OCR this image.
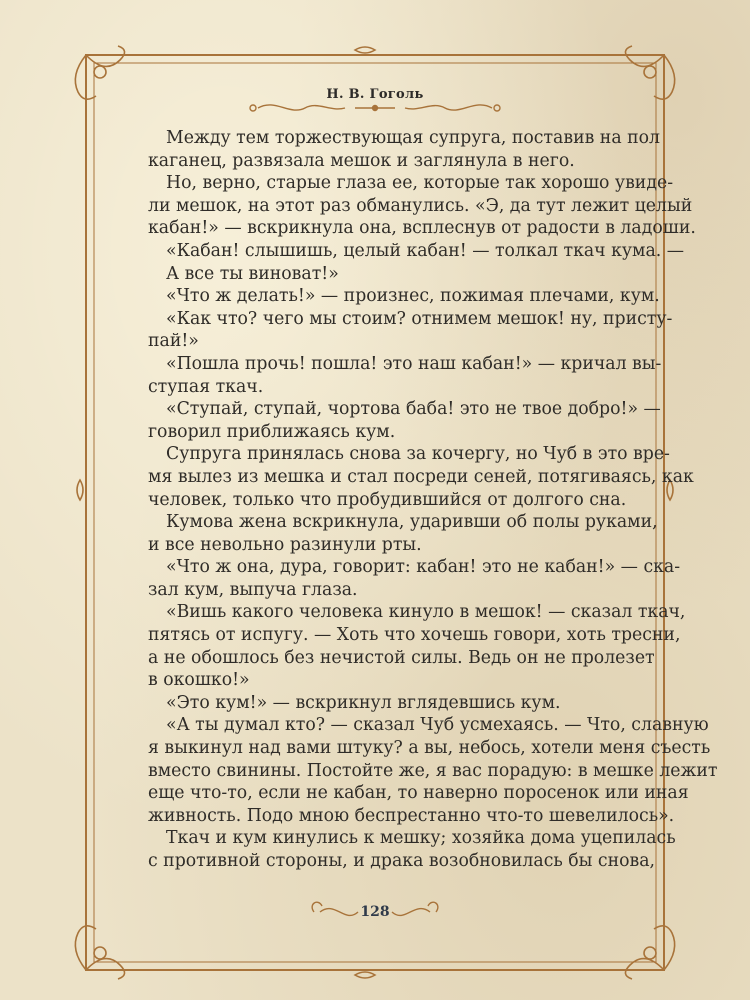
Н. В. Гоголь
Между тем торжествующая супруга, поставив на пол
каганец, развязала мешок и заглянула в него.
Но, верно, старые глаза ее, которые так хорошо увиде-
ли мешок, на этот раз обманулись. «Э, да тут лежит целый
кабан!» — вскрикнула она, всплеснув от радости в ладоши.
«Кабан! слышишь, целый кабан! — толкал ткач кума. —
А все ты виноват!»
«Что ж делать!» — произнес, пожимая плечами, кум.
«Как что? чего мы стоим? отнимем мешок! ну, присту-
пай!»
«Пошла прочь! пошла! это наш кабан!» — кричал вы-
ступая ткач.
«Ступай, ступай, чортова баба! это не твое добро!» —
говорил приближаясь кум.
Супруга принялась снова за кочергу, но Чуб в это вре-
мя вылез из мешка и стал посреди сеней, потягиваясь, как
человек, только что пробудившийся от долгого сна.
Кумова жена вскрикнула, ударивши об полы руками,
и все невольно разинули рты.
«Что ж она, дура, говорит: кабан! это не кабан!» — ска-
зал кум, выпуча глаза.
«Вишь какого человека кинуло в мешок! — сказал ткач,
пятясь от испугу. — Хоть что хочешь говори, хоть тресни,
а не обошлось без нечистой силы. Ведь он не пролезет
в окошко!»
«Это кум!» — вскрикнул вглядевшись кум.
«А ты думал кто? — сказал Чуб усмехаясь. — Что, славную
я выкинул над вами штуку? а вы, небось, хотели меня съесть
вместо свинины. Постойте же, я вас порадую: в мешке лежит
еще что-то, если не кабан, то наверно поросенок или иная
живность. Подо мною беспрестанно что-то шевелилось».
Ткач и кум кинулись к мешку; хозяйка дома уцепилась
с противной стороны, и драка возобновилась бы снова,
128
